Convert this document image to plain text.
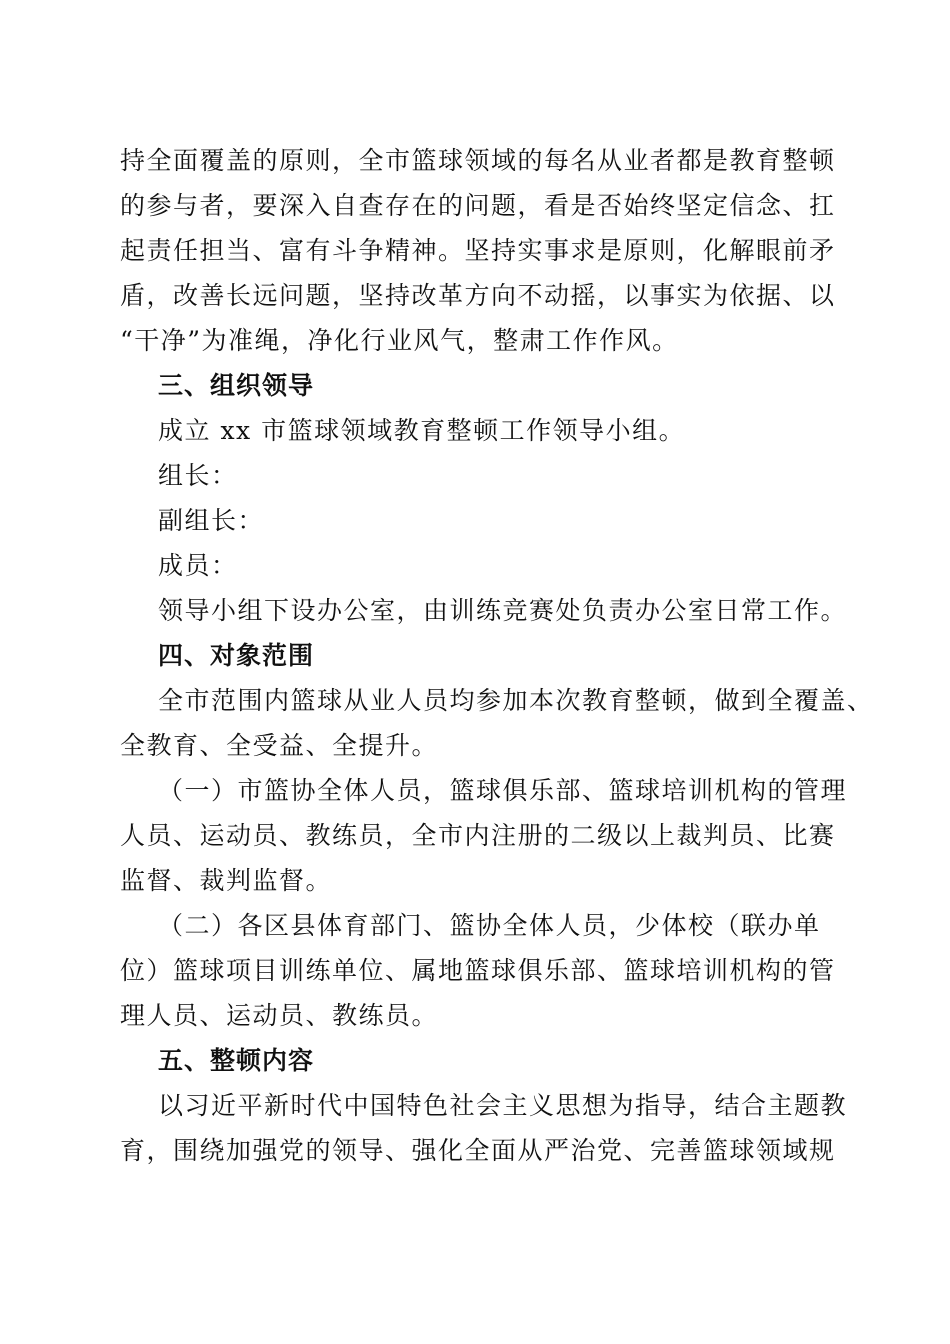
持全面覆盖的原则，全市篮球领域的每名从业者都是教育整顿
的参与者，要深入自查存在的问题，看是否始终坚定信念、扛
起责任担当、富有斗争精神。坚持实事求是原则，化解眼前矛
盾，改善长远问题，坚持改革方向不动摇，以事实为依据、以
“干净”为准绳，净化行业风气，整肃工作作风。
三、组织领导
成立 xx 市篮球领域教育整顿工作领导小组。
组长：
副组长：
成员：
领导小组下设办公室，由训练竞赛处负责办公室日常工作。
四、对象范围
全市范围内篮球从业人员均参加本次教育整顿，做到全覆盖、
全教育、全受益、全提升。
（一）市篮协全体人员，篮球俱乐部、篮球培训机构的管理
人员、运动员、教练员，全市内注册的二级以上裁判员、比赛
监督、裁判监督。
（二）各区县体育部门、篮协全体人员，少体校（联办单
位）篮球项目训练单位、属地篮球俱乐部、篮球培训机构的管
理人员、运动员、教练员。
五、整顿内容
以习近平新时代中国特色社会主义思想为指导，结合主题教
育，围绕加强党的领导、强化全面从严治党、完善篮球领域规
